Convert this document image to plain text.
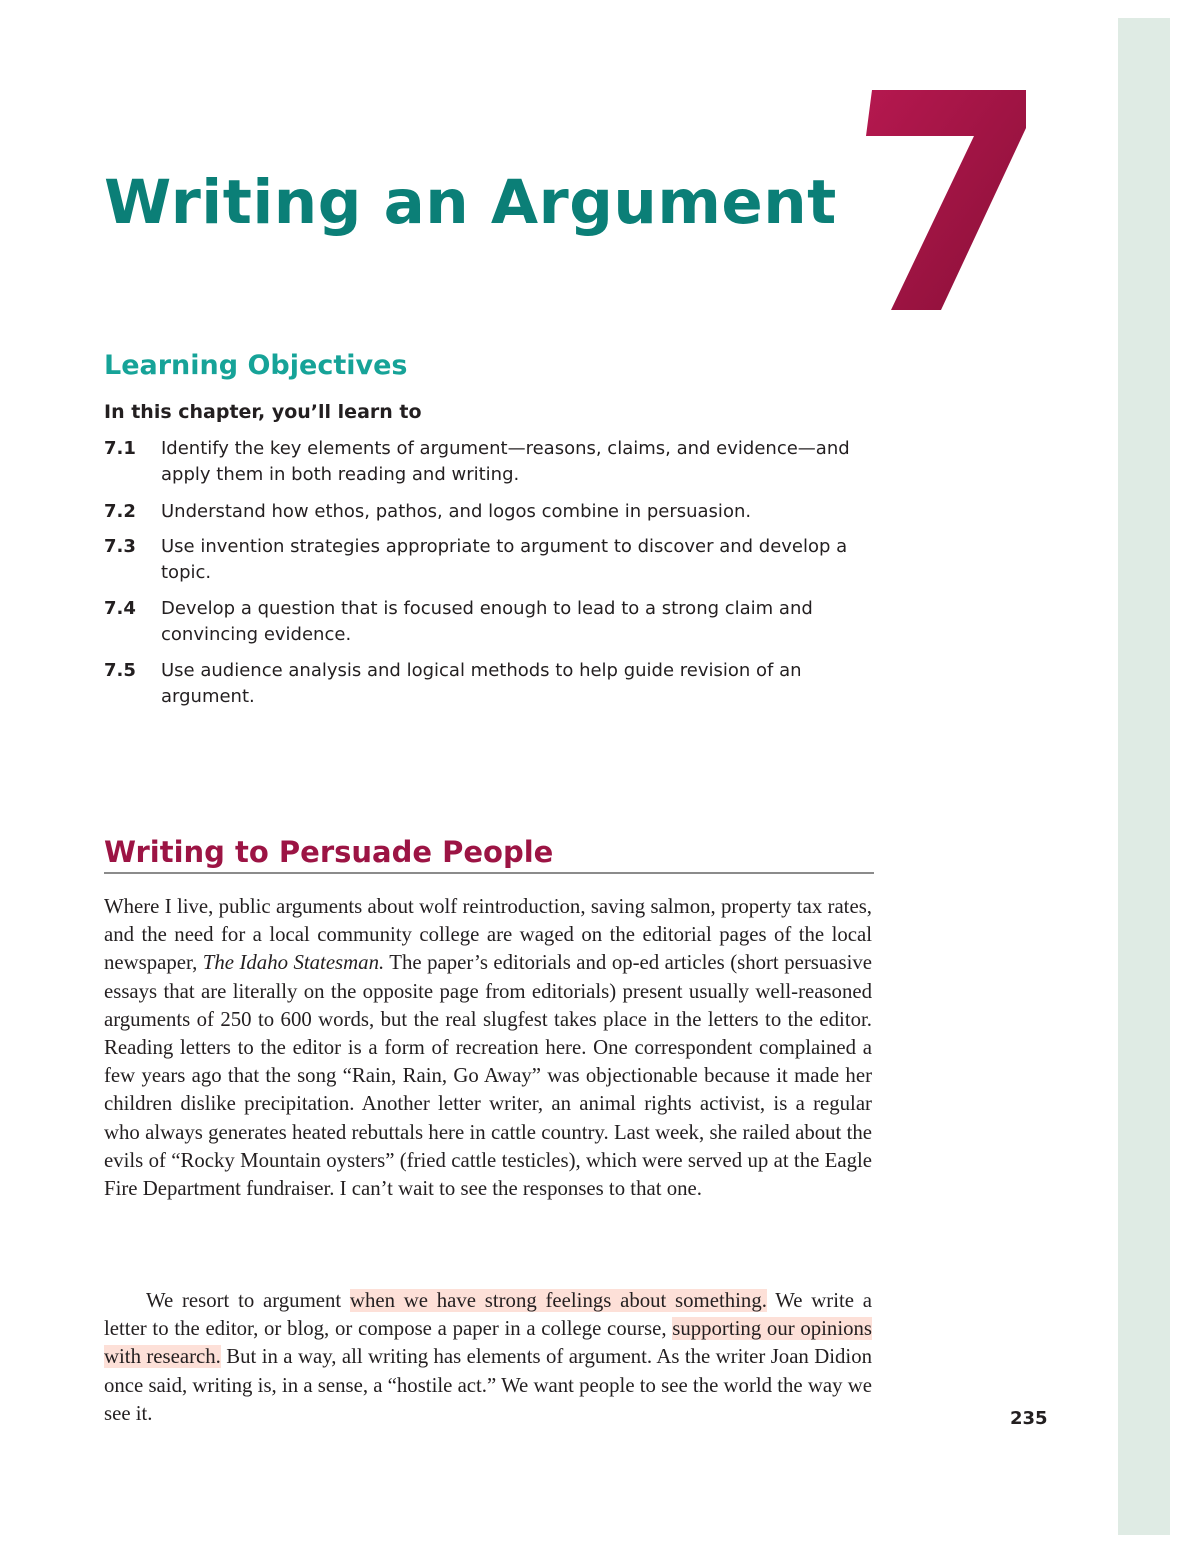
Writing an Argument
Learning Objectives

In this chapter, you’ll learn to

7.1 Identify the key elements of argument—reasons, claims, and evidence—and apply them in both reading and writing.
7.2 Understand how ethos, pathos, and logos combine in persuasion.
7.3 Use invention strategies appropriate to argument to discover and develop a topic.
7.4 Develop a question that is focused enough to lead to a strong claim and convincing evidence.
7.5 Use audience analysis and logical methods to help guide revision of an argument.
Writing to Persuade People

Where I live, public arguments about wolf reintroduction, saving salmon, property tax rates, and the need for a local community college are waged on the editorial pages of the local newspaper, The Idaho Statesman. The paper’s editorials and op-ed articles (short persuasive essays that are literally on the opposite page from editorials) present usually well-reasoned arguments of 250 to 600 words, but the real slugfest takes place in the letters to the editor. Reading letters to the editor is a form of recreation here. One correspondent complained a few years ago that the song “Rain, Rain, Go Away” was objectionable because it made her children dislike precipitation. Another letter writer, an animal rights activist, is a regular who always generates heated rebuttals here in cattle country. Last week, she railed about the evils of “Rocky Mountain oysters” (fried cattle testicles), which were served up at the Eagle Fire Department fundraiser. I can’t wait to see the responses to that one.

We resort to argument when we have strong feelings about something. We write a letter to the editor, or blog, or compose a paper in a college course, supporting our opinions with research. But in a way, all writing has elements of argument. As the writer Joan Didion once said, writing is, in a sense, a “hostile act.” We want people to see the world the way we see it.	235
